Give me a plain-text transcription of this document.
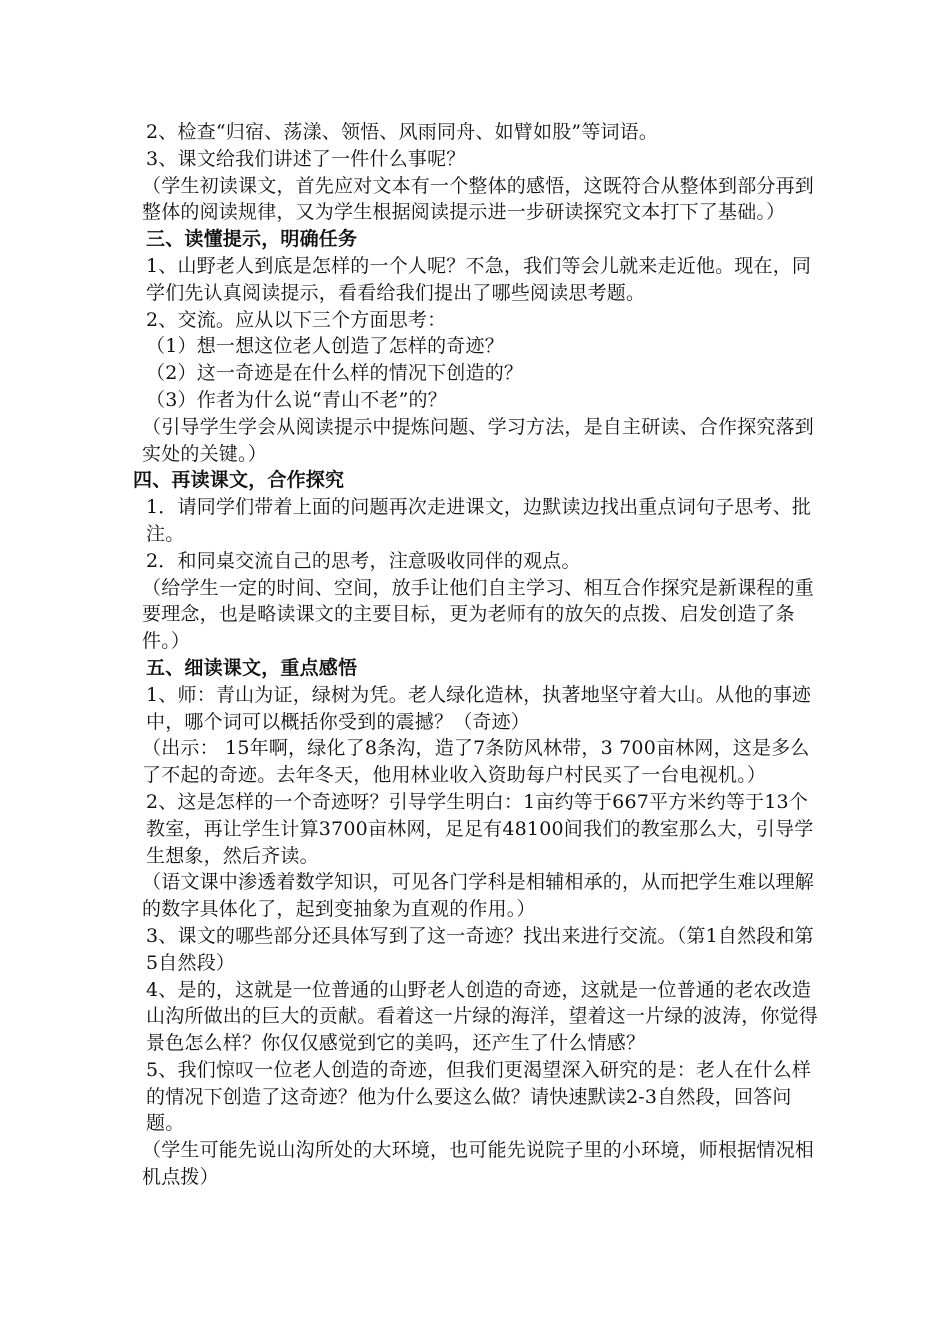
2、检查“归宿、荡漾、领悟、风雨同舟、如臂如股”等词语。

3、课文给我们讲述了一件什么事呢？

（学生初读课文，首先应对文本有一个整体的感悟，这既符合从整体到部分再到整体的阅读规律，又为学生根据阅读提示进一步研读探究文本打下了基础。）

三、读懂提示，明确任务

1、山野老人到底是怎样的一个人呢？不急，我们等会儿就来走近他。现在，同学们先认真阅读提示，看看给我们提出了哪些阅读思考题。

2、交流。应从以下三个方面思考：

（1）想一想这位老人创造了怎样的奇迹？

（2）这一奇迹是在什么样的情况下创造的？

（3）作者为什么说“青山不老”的？

（引导学生学会从阅读提示中提炼问题、学习方法，是自主研读、合作探究落到实处的关键。）

四、再读课文，合作探究

1．请同学们带着上面的问题再次走进课文，边默读边找出重点词句子思考、批注。

2．和同桌交流自己的思考，注意吸收同伴的观点。

（给学生一定的时间、空间，放手让他们自主学习、相互合作探究是新课程的重要理念，也是略读课文的主要目标，更为老师有的放矢的点拨、启发创造了条件。）

五、细读课文，重点感悟

1、师：青山为证，绿树为凭。老人绿化造林，执著地坚守着大山。从他的事迹中，哪个词可以概括你受到的震撼？（奇迹）

（出示： 15年啊，绿化了8条沟，造了7条防风林带，3 700亩林网，这是多么了不起的奇迹。去年冬天，他用林业收入资助每户村民买了一台电视机。）

2、这是怎样的一个奇迹呀？引导学生明白：1亩约等于667平方米约等于13个教室，再让学生计算3700亩林网，足足有48100间我们的教室那么大，引导学生想象，然后齐读。

（语文课中渗透着数学知识，可见各门学科是相辅相承的，从而把学生难以理解的数字具体化了，起到变抽象为直观的作用。）

3、课文的哪些部分还具体写到了这一奇迹？找出来进行交流。（第1自然段和第5自然段）

4、是的，这就是一位普通的山野老人创造的奇迹，这就是一位普通的老农改造山沟所做出的巨大的贡献。看着这一片绿的海洋，望着这一片绿的波涛，你觉得景色怎么样？你仅仅感觉到它的美吗，还产生了什么情感？

5、我们惊叹一位老人创造的奇迹，但我们更渴望深入研究的是：老人在什么样的情况下创造了这奇迹？他为什么要这么做？请快速默读2-3自然段，回答问题。

（学生可能先说山沟所处的大环境，也可能先说院子里的小环境，师根据情况相机点拨）
